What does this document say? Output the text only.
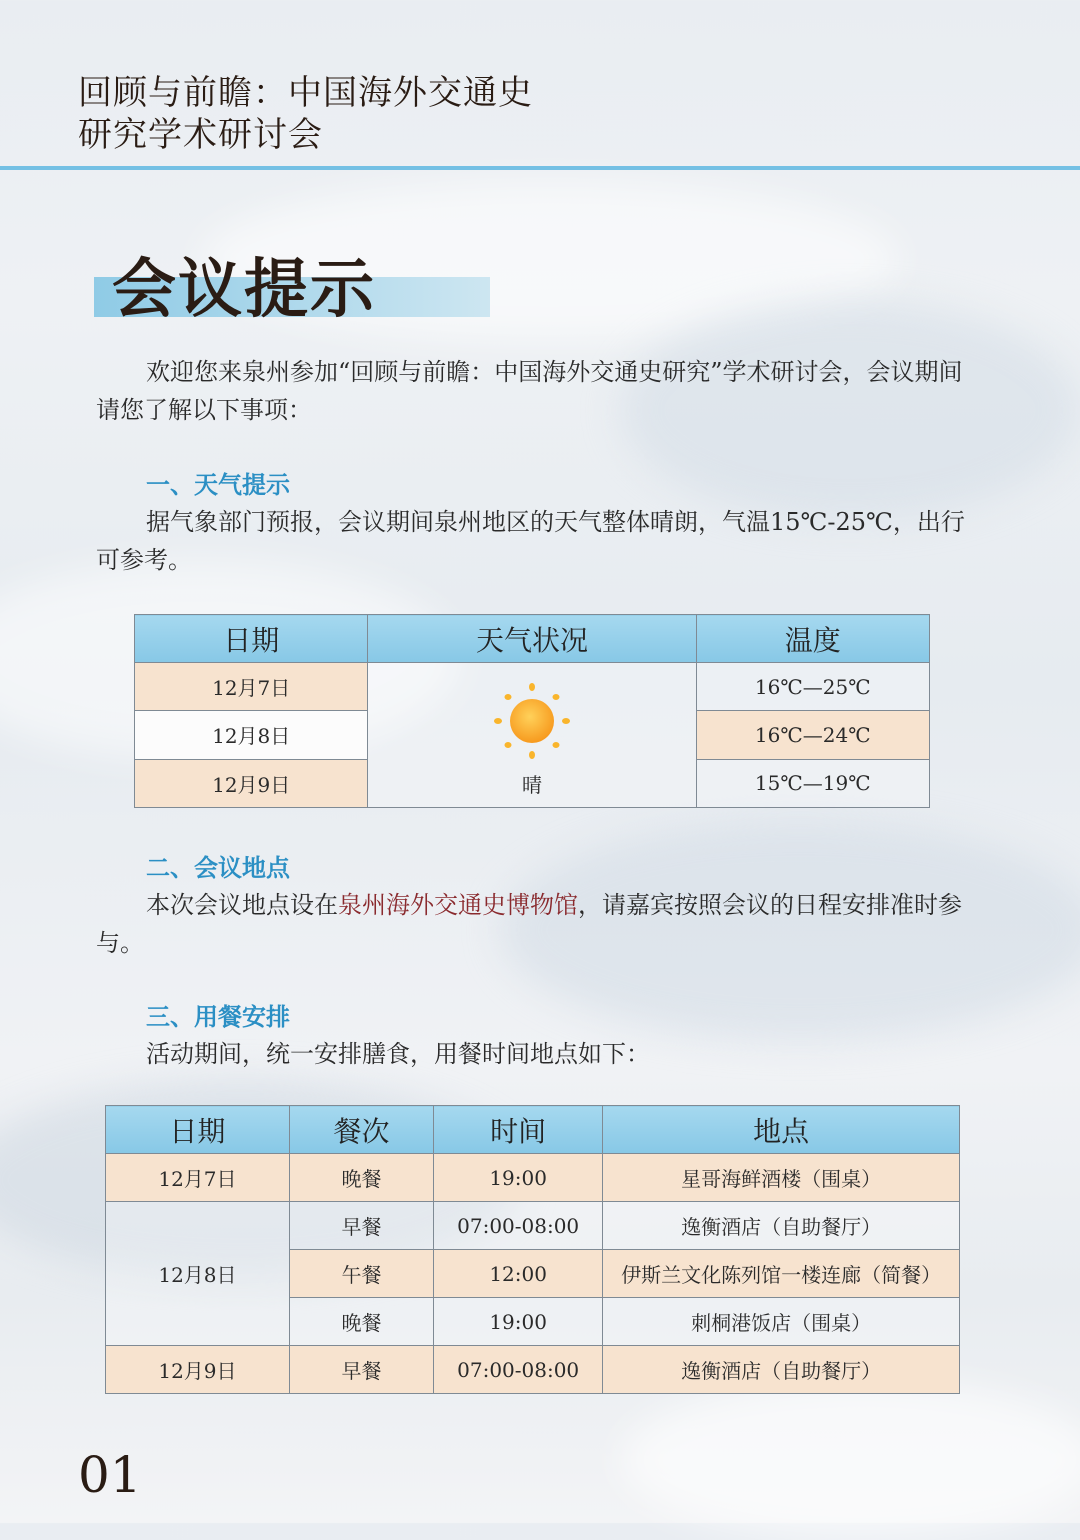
回顾与前瞻：中国海外交通史
研究学术研讨会
会议提示
欢迎您来泉州参加“回顾与前瞻：中国海外交通史研究”学术研讨会，会议期间请您了解以下事项：
一、天气提示
据气象部门预报，会议期间泉州地区的天气整体晴朗，气温15℃-25℃，出行可参考。
日期	天气状况	温度
12月7日	晴	16℃—25℃
12月8日		16℃—24℃
12月9日		15℃—19℃
二、会议地点
本次会议地点设在泉州海外交通史博物馆，请嘉宾按照会议的日程安排准时参与。
三、用餐安排
活动期间，统一安排膳食，用餐时间地点如下：
日期	餐次	时间	地点
12月7日	晚餐	19:00	星哥海鲜酒楼（围桌）
12月8日	早餐	07:00-08:00	逸衡酒店（自助餐厅）
	午餐	12:00	伊斯兰文化陈列馆一楼连廊（简餐）
	晚餐	19:00	刺桐港饭店（围桌）
12月9日	早餐	07:00-08:00	逸衡酒店（自助餐厅）
01
